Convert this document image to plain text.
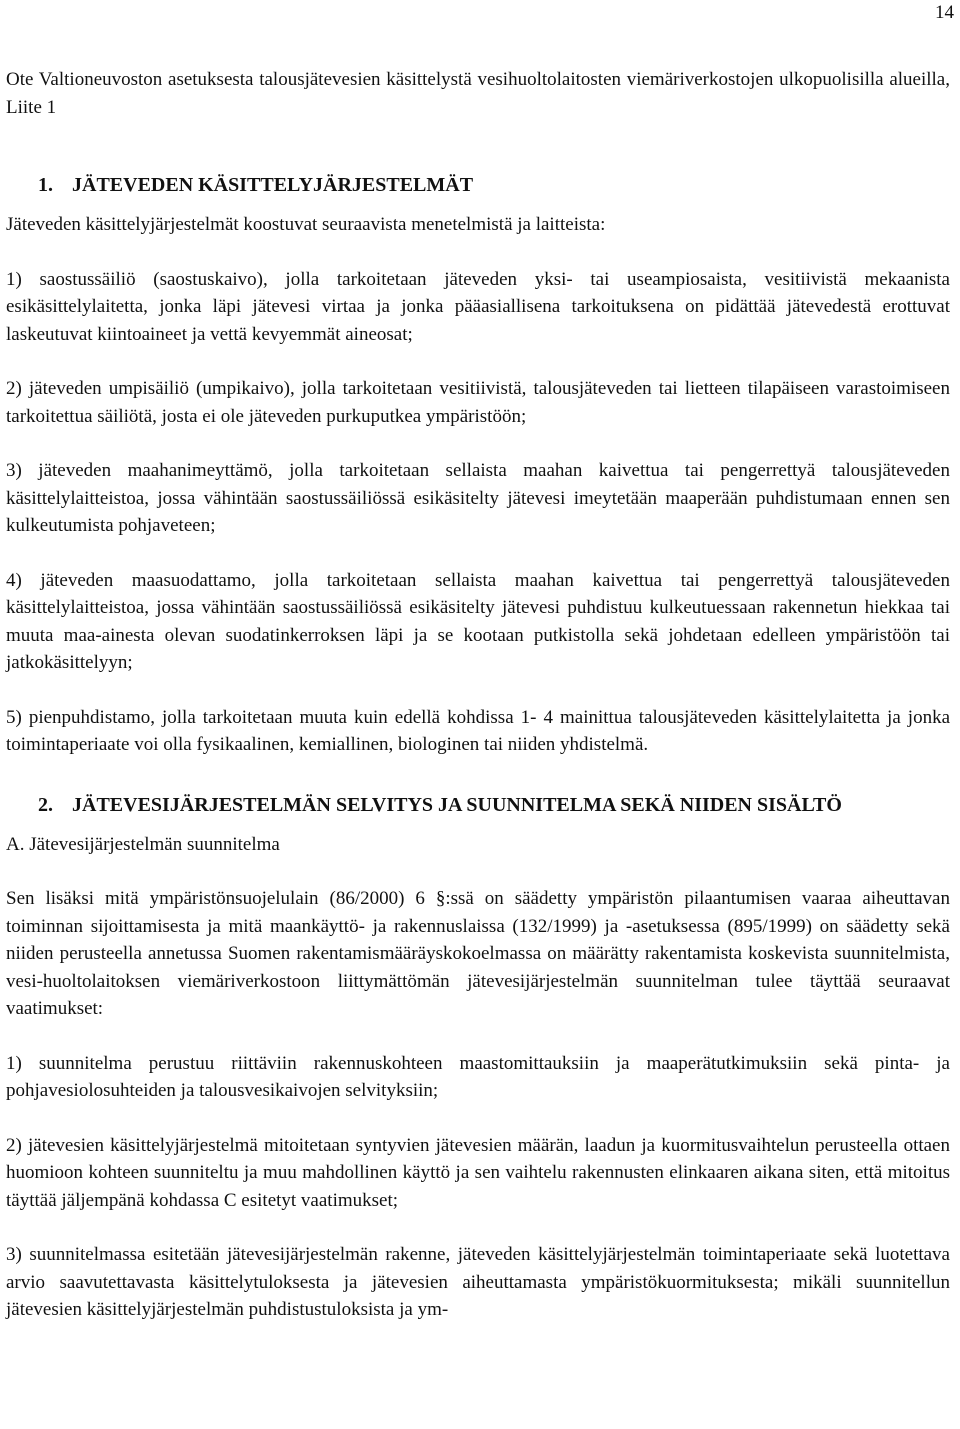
14

Ote Valtioneuvoston asetuksesta talousjätevesien käsittelystä vesihuoltolaitosten viemäriverkostojen ulkopuolisilla alueilla, Liite 1

1. JÄTEVEDEN KÄSITTELYJÄRJESTELMÄT

Jäteveden käsittelyjärjestelmät koostuvat seuraavista menetelmistä ja laitteista:

1) saostussäiliö (saostuskaivo), jolla tarkoitetaan jäteveden yksi- tai useampiosaista, vesitiivistä mekaanista esikäsittelylaitetta, jonka läpi jätevesi virtaa ja jonka pääasiallisena tarkoituksena on pidättää jätevedestä erottuvat laskeutuvat kiintoaineet ja vettä kevyemmät aineosat;

2) jäteveden umpisäiliö (umpikaivo), jolla tarkoitetaan vesitiivistä, talousjäteveden tai lietteen tilapäiseen varastoimiseen tarkoitettua säiliötä, josta ei ole jäteveden purkuputkea ympäristöön;

3) jäteveden maahanimeyttämö, jolla tarkoitetaan sellaista maahan kaivettua tai pengerrettyä talousjäteveden käsittelylaitteistoa, jossa vähintään saostussäiliössä esikäsitelty jätevesi imeytetään maaperään puhdistumaan ennen sen kulkeutumista pohjaveteen;

4) jäteveden maasuodattamo, jolla tarkoitetaan sellaista maahan kaivettua tai pengerrettyä talousjäteveden käsittelylaitteistoa, jossa vähintään saostussäiliössä esikäsitelty jätevesi puhdistuu kulkeutuessaan rakennetun hiekkaa tai muuta maa-ainesta olevan suodatinkerroksen läpi ja se kootaan putkistolla sekä johdetaan edelleen ympäristöön tai jatkokäsittelyyn;

5) pienpuhdistamo, jolla tarkoitetaan muuta kuin edellä kohdissa 1- 4 mainittua talousjäteveden käsittelylaitetta ja jonka toimintaperiaate voi olla fysikaalinen, kemiallinen, biologinen tai niiden yhdistelmä.

2. JÄTEVESIJÄRJESTELMÄN SELVITYS JA SUUNNITELMA SEKÄ NIIDEN SISÄLTÖ

A. Jätevesijärjestelmän suunnitelma

Sen lisäksi mitä ympäristönsuojelulain (86/2000) 6 §:ssä on säädetty ympäristön pilaantumisen vaaraa aiheuttavan toiminnan sijoittamisesta ja mitä maankäyttö- ja rakennuslaissa (132/1999) ja -asetuksessa (895/1999) on säädetty sekä niiden perusteella annetussa Suomen rakentamismääräyskokoelmassa on määrätty rakentamista koskevista suunnitelmista, vesi-huoltolaitoksen viemäriverkostoon liittymättömän jätevesijärjestelmän suunnitelman tulee täyttää seuraavat vaatimukset:

1) suunnitelma perustuu riittäviin rakennuskohteen maastomittauksiin ja maaperätutkimuksiin sekä pinta- ja pohjavesiolosuhteiden ja talousvesikaivojen selvityksiin;

2) jätevesien käsittelyjärjestelmä mitoitetaan syntyvien jätevesien määrän, laadun ja kuormitusvaihtelun perusteella ottaen huomioon kohteen suunniteltu ja muu mahdollinen käyttö ja sen vaihtelu rakennusten elinkaaren aikana siten, että mitoitus täyttää jäljempänä kohdassa C esitetyt vaatimukset;

3) suunnitelmassa esitetään jätevesijärjestelmän rakenne, jäteveden käsittelyjärjestelmän toimintaperiaate sekä luotettava arvio saavutettavasta käsittelytuloksesta ja jätevesien aiheuttamasta ympäristökuormituksesta; mikäli suunnitellun jätevesien käsittelyjärjestelmän puhdistustuloksista ja ym-
